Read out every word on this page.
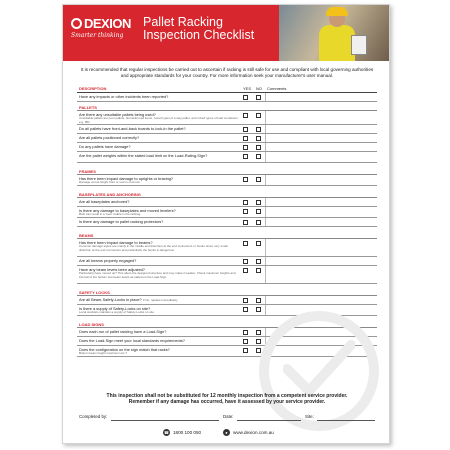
DEXION
Smarter thinking
Pallet Racking
Inspection Checklist
It is recommended that regular inspections be carried out to ascertain if racking is still safe for use and compliant with local governing authorities and appropriate standards for your country. For more information seek your manufacturer's user manual.
DESCRIPTION	YES NO Comments
Have any impacts or other incidents been reported?
PALLETS
Are there any unsuitable pallets being used?
Unsuitable pallets are poor pallets, Not deformed items, mixed types of a way pallet, and mixed types of load containers e.g. IBC
Do all pallets have front-and-back boards to lock-in the pallet?
Are all pallets positioned correctly?
Do any pallets have damage?
Are the pallet weights within the stated load limit on the Load-Rating-Sign?
FRAMES
Has there been impact damage to uprights or bracing?
Damage at low-height front or rear is common
BASEPLATES AND ANCHORING
Are all baseplates anchored?
Is there any damage to baseplates and moved levelers?
Both can result in a 'toes' visible in the racking
Is there any damage to pallet racking protectors?
BEAMS
Has there been impact damage to beams?
Common damage styles are mainly in the middle and distortion at the end connectors or hooks. Even very small distortion at the end connectors and particularly the hooks is dangerous
Are all beams properly engaged?
Have any beam levels been adjusted?
Particularly have moved up? This alters the designed structure and may make it weaker. Check maximum heights and interval of the bottom two beam levels as stated on the Load-Sign.
SAFETY LOCKS
Are all Beam-Safety-Locks in place? If No, replace immediately
Is there a supply of Safety-Locks on site?
Local stockists maintain a supply of Safety-Locks on site
LOAD SIGNS
Does each run of pallet racking have a Load-Sign?
Does the Load-Sign meet your local standards requirements?
Does the configuration on the sign match that racks?
Bottom beam height maximum etc.?
This inspection shall not be substituted for 12 monthly inspection from a competent service provider.
Remember if any damage has occurred, have it assessed by your service provider.
Completed by:	Date:	Site:
☎ 1800 100 050	●	www.dexion.com.au
